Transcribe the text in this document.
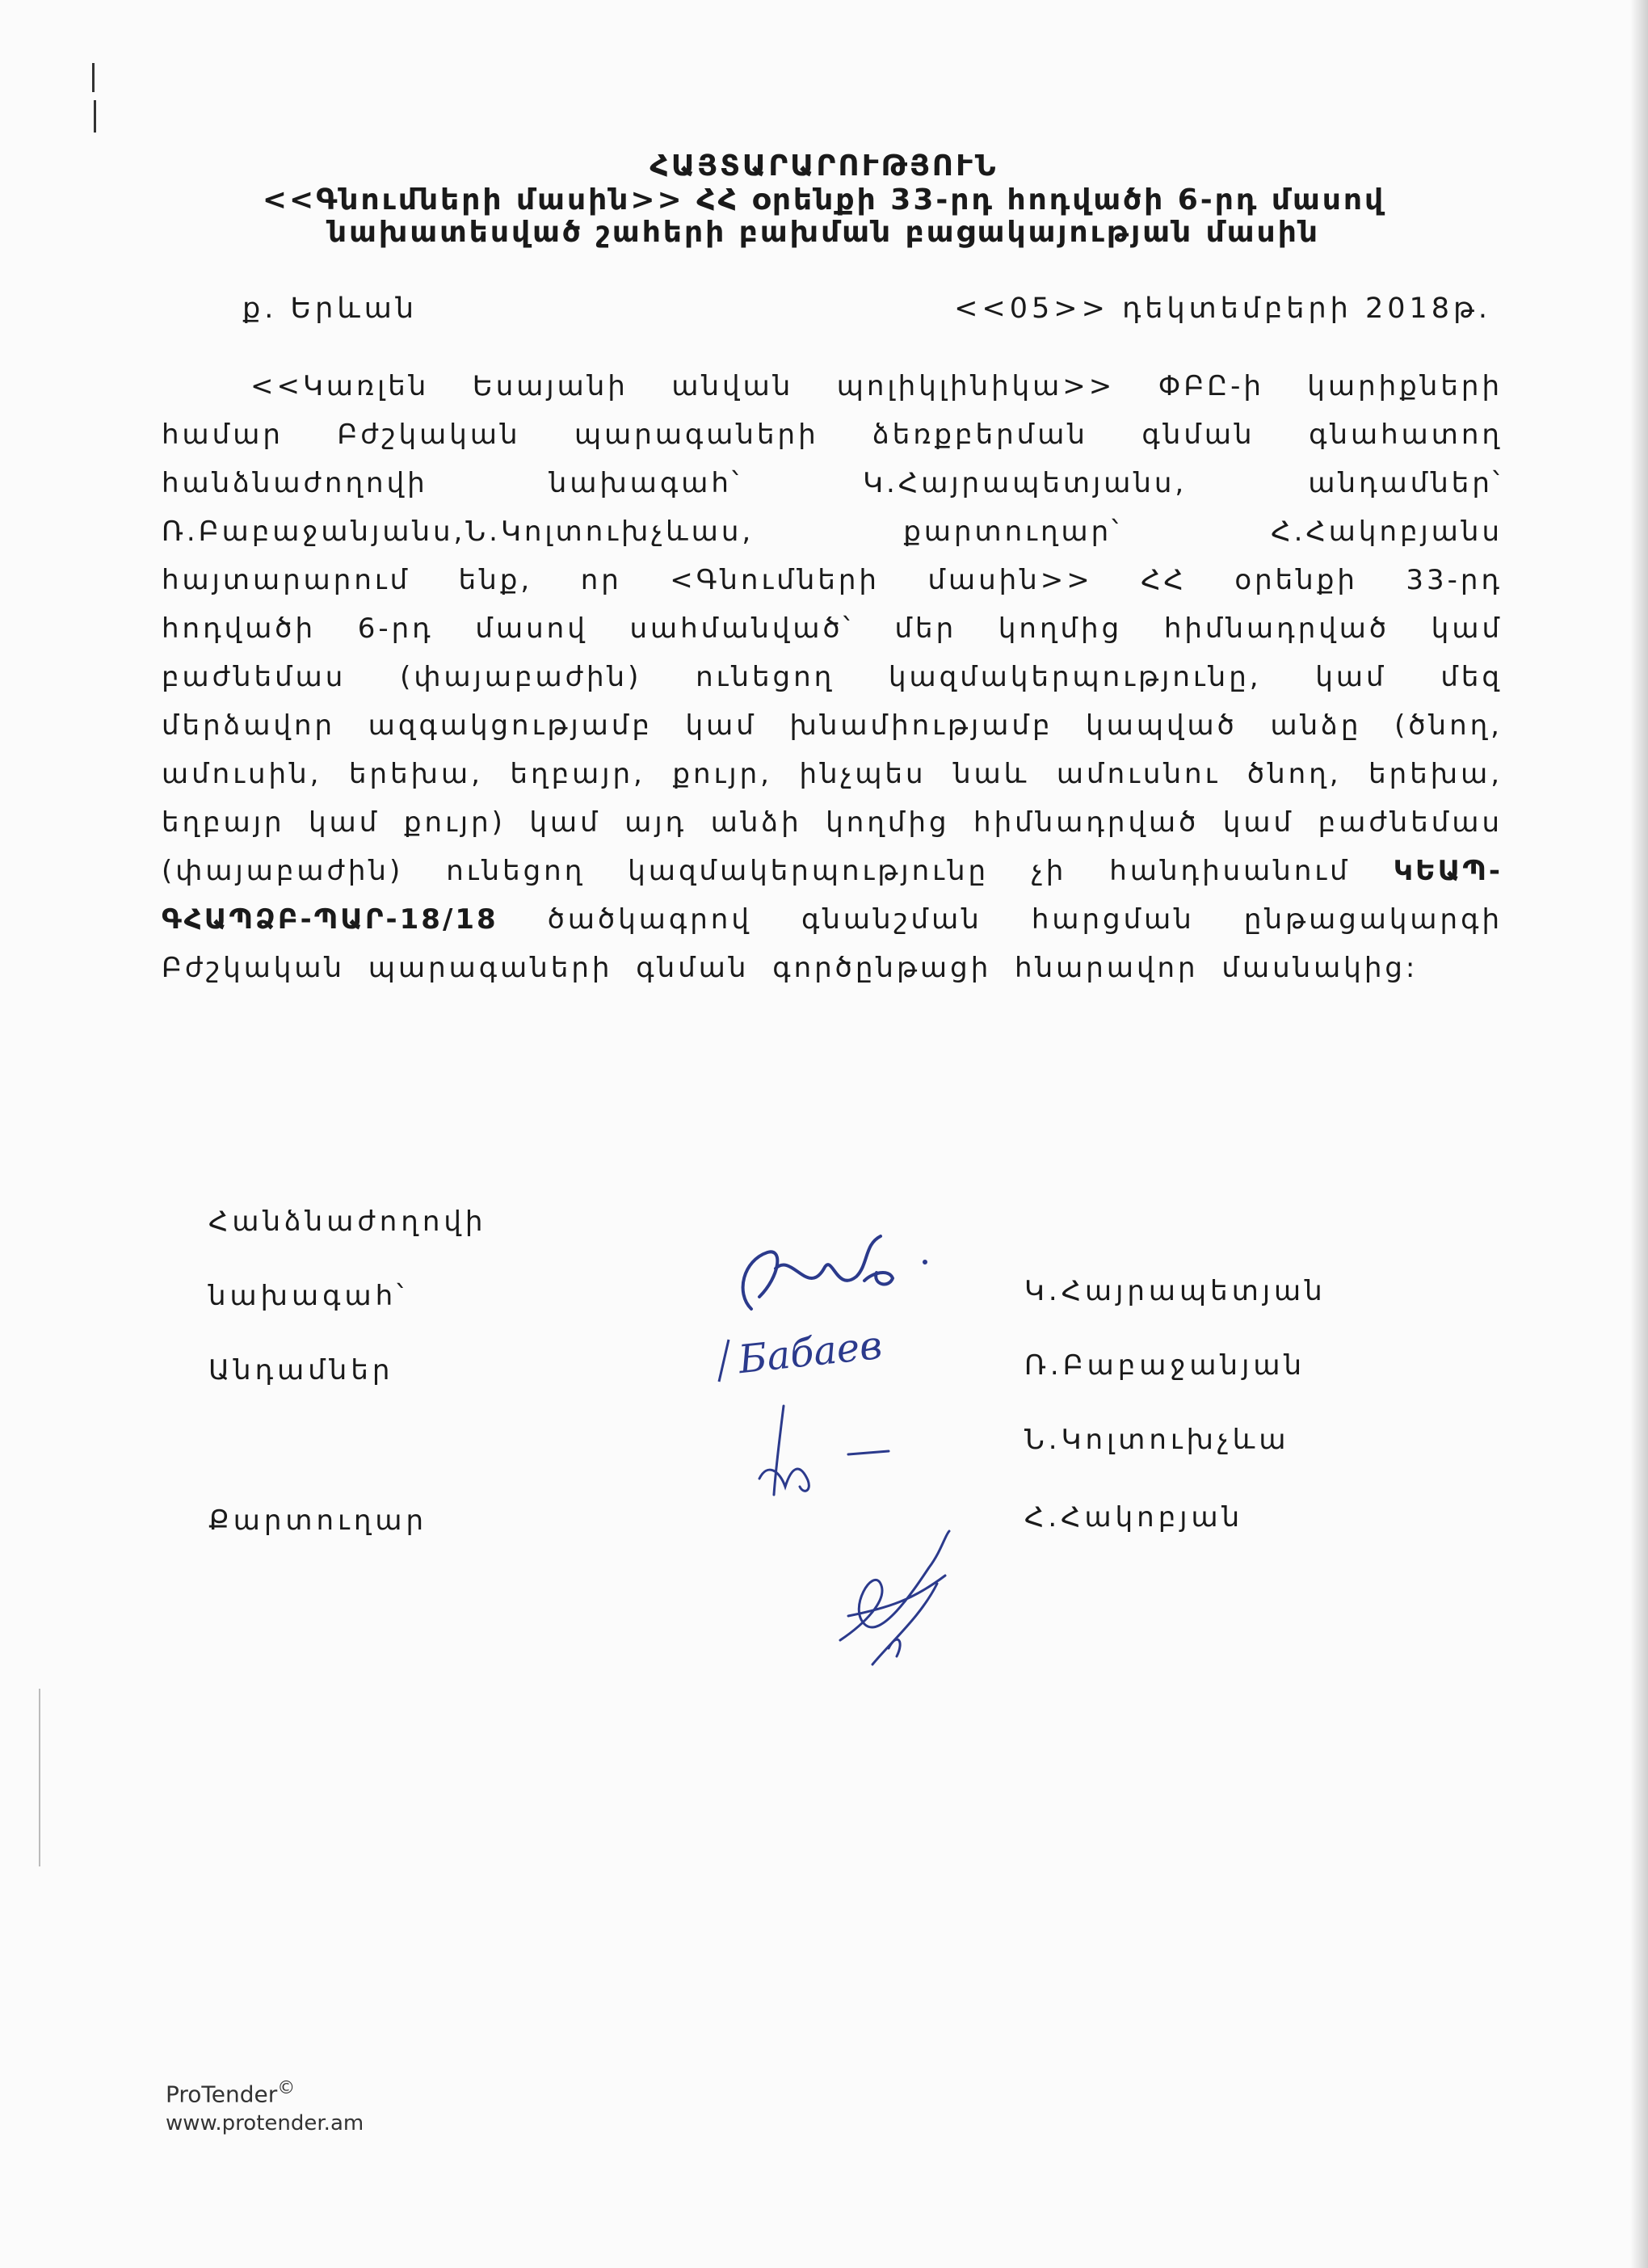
ՀԱՅՏԱՐԱՐՈՒԹՅՈՒՆ
<<Գնումների մասին>> ՀՀ օրենքի 33-րդ հոդվածի 6-րդ մասով
նախատեսված շահերի բախման բացակայության մասին
ք. Երևան	<<05>> դեկտեմբերի 2018թ.
<<Կառլեն Եսայանի անվան պոլիկլինիկա>> ՓԲԸ-ի կարիքների համար Բժշկական պարագաների ձեռքբերման գնման գնահատող հանձնաժողովի նախագահ՝ Կ.Հայրապետյանս, անդամներ՝ Ռ.Բաբաջանյանս,Ն.Կոլտուխչևաս, քարտուղար՝ Հ.Հակոբյանս հայտարարում ենք, որ <Գնումների մասին>> ՀՀ օրենքի 33-րդ հոդվածի 6-րդ մասով սահմանված՝ մեր կողմից հիմնադրված կամ բաժնեմաս (փայաբաժին) ունեցող կազմակերպությունը, կամ մեզ մերձավոր ազգակցությամբ կամ խնամիությամբ կապված անձը (ծնող, ամուսին, երեխա, եղբայր, քույր, ինչպես նաև ամուսնու ծնող, երեխա, եղբայր կամ քույր) կամ այդ անձի կողմից հիմնադրված կամ բաժնեմաս (փայաբաժին) ունեցող կազմակերպությունը չի հանդիսանում ԿԵԱՊ-ԳՀԱՊՁԲ-ՊԱՐ-18/18 ծածկագրով գնանշման հարցման ընթացակարգի Բժշկական պարագաների գնման գործընթացի հնարավոր մասնակից:
Հանձնաժողովի
նախագահ՝
Անդամներ
Քարտուղար
Կ.Հայրապետյան
Ռ.Բաբաջանյան
Ն.Կոլտուխչևա
Հ.Հակոբյան
Бабаев
ProTender©
www.protender.am
